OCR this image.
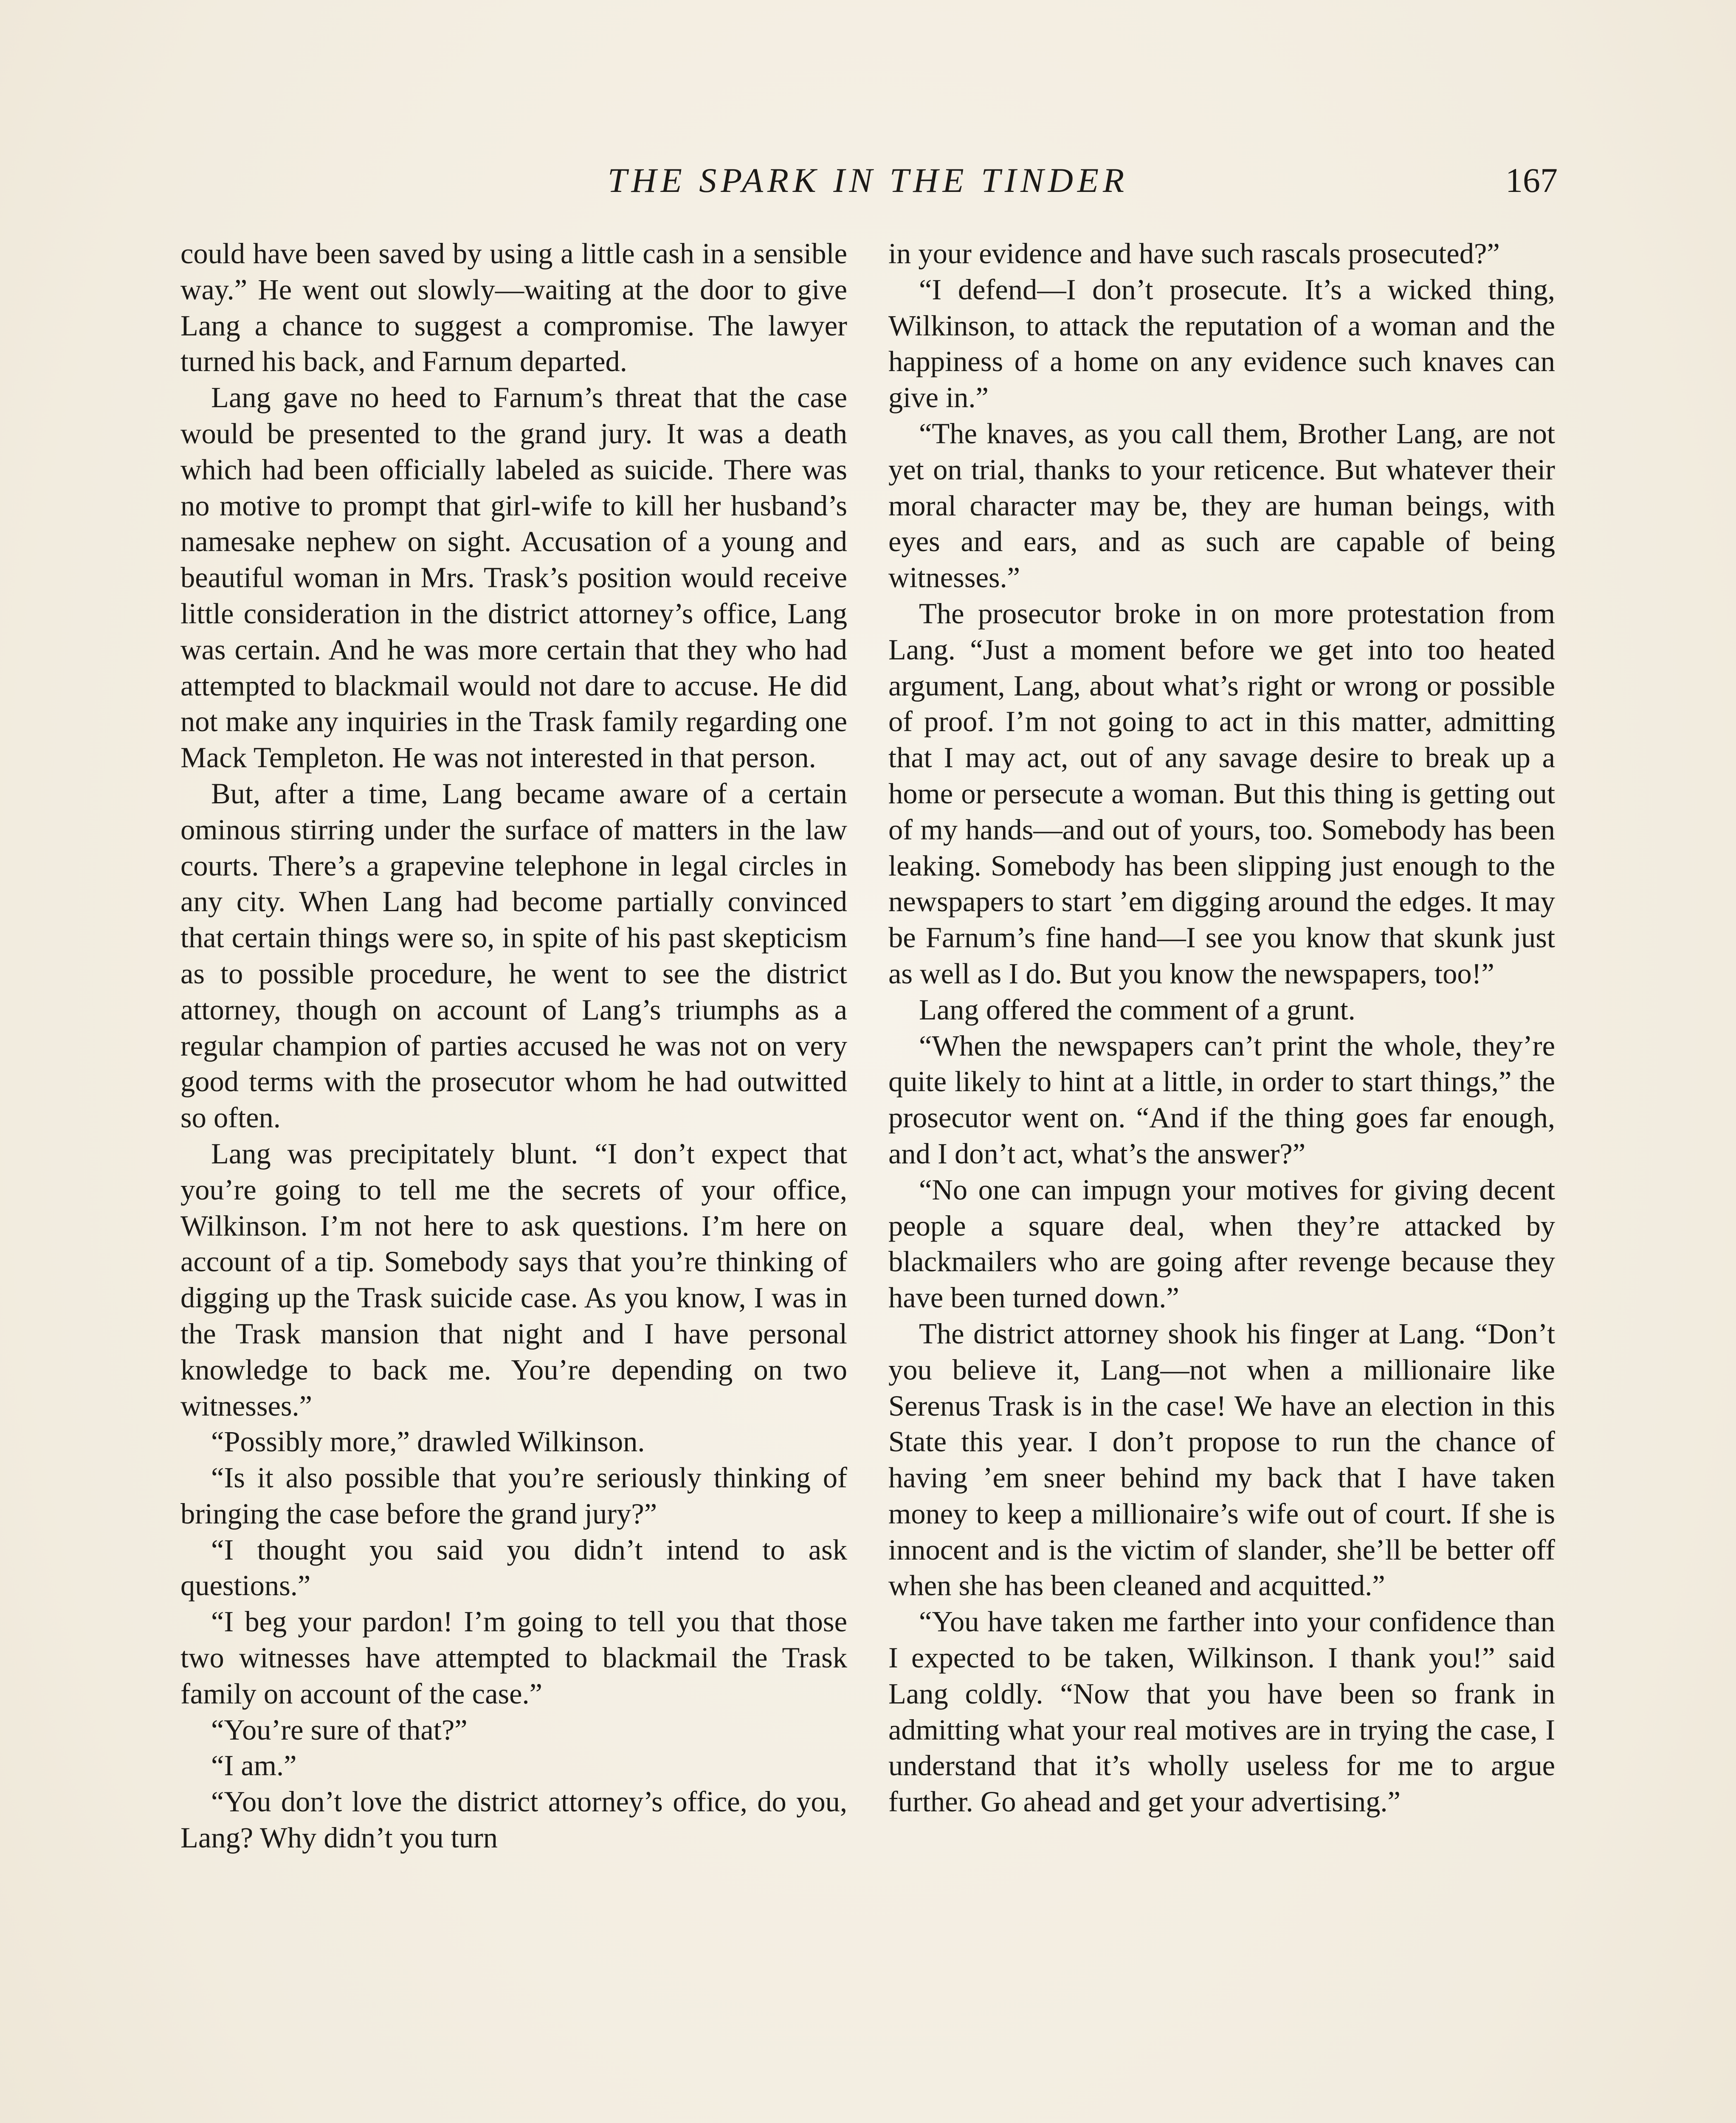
THE SPARK IN THE TINDER	167

could have been saved by using a little cash in a sensible way.” He went out slowly—waiting at the door to give Lang a chance to suggest a compromise. The lawyer turned his back, and Farnum departed.

Lang gave no heed to Farnum’s threat that the case would be presented to the grand jury. It was a death which had been officially labeled as suicide. There was no motive to prompt that girl-wife to kill her husband’s namesake nephew on sight. Accusation of a young and beautiful woman in Mrs. Trask’s position would receive little consideration in the district attorney’s office, Lang was certain. And he was more certain that they who had attempted to blackmail would not dare to accuse. He did not make any inquiries in the Trask family regarding one Mack Templeton. He was not interested in that person.

But, after a time, Lang became aware of a certain ominous stirring under the surface of matters in the law courts. There’s a grapevine telephone in legal circles in any city. When Lang had become partially convinced that certain things were so, in spite of his past skepticism as to possible procedure, he went to see the district attorney, though on account of Lang’s triumphs as a regular champion of parties accused he was not on very good terms with the prosecutor whom he had outwitted so often.

Lang was precipitately blunt. “I don’t expect that you’re going to tell me the secrets of your office, Wilkinson. I’m not here to ask questions. I’m here on account of a tip. Somebody says that you’re thinking of digging up the Trask suicide case. As you know, I was in the Trask mansion that night and I have personal knowledge to back me. You’re depending on two witnesses.”

“Possibly more,” drawled Wilkinson.

“Is it also possible that you’re seriously thinking of bringing the case before the grand jury?”

“I thought you said you didn’t intend to ask questions.”

“I beg your pardon! I’m going to tell you that those two witnesses have attempted to blackmail the Trask family on account of the case.”

“You’re sure of that?”

“I am.”

“You don’t love the district attorney’s office, do you, Lang? Why didn’t you turn

in your evidence and have such rascals prosecuted?”

“I defend—I don’t prosecute. It’s a wicked thing, Wilkinson, to attack the reputation of a woman and the happiness of a home on any evidence such knaves can give in.”

“The knaves, as you call them, Brother Lang, are not yet on trial, thanks to your reticence. But whatever their moral character may be, they are human beings, with eyes and ears, and as such are capable of being witnesses.”

The prosecutor broke in on more protestation from Lang. “Just a moment before we get into too heated argument, Lang, about what’s right or wrong or possible of proof. I’m not going to act in this matter, admitting that I may act, out of any savage desire to break up a home or persecute a woman. But this thing is getting out of my hands—and out of yours, too. Somebody has been leaking. Somebody has been slipping just enough to the newspapers to start ’em digging around the edges. It may be Farnum’s fine hand—I see you know that skunk just as well as I do. But you know the newspapers, too!”

Lang offered the comment of a grunt.

“When the newspapers can’t print the whole, they’re quite likely to hint at a little, in order to start things,” the prosecutor went on. “And if the thing goes far enough, and I don’t act, what’s the answer?”

“No one can impugn your motives for giving decent people a square deal, when they’re attacked by blackmailers who are going after revenge because they have been turned down.”

The district attorney shook his finger at Lang. “Don’t you believe it, Lang—not when a millionaire like Serenus Trask is in the case! We have an election in this State this year. I don’t propose to run the chance of having ’em sneer behind my back that I have taken money to keep a millionaire’s wife out of court. If she is innocent and is the victim of slander, she’ll be better off when she has been cleaned and acquitted.”

“You have taken me farther into your confidence than I expected to be taken, Wilkinson. I thank you!” said Lang coldly. “Now that you have been so frank in admitting what your real motives are in trying the case, I understand that it’s wholly useless for me to argue further. Go ahead and get your advertising.”
